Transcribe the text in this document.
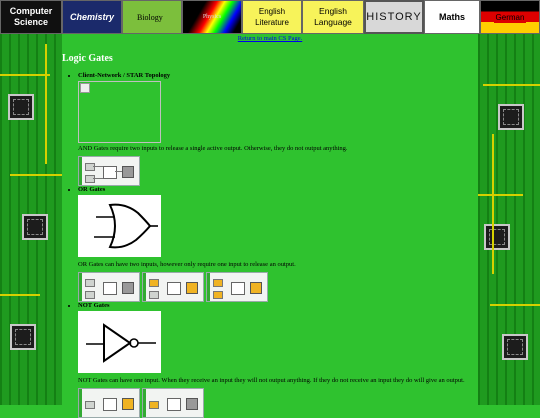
Computer Science
Chemistry	Biology	Physics
English Literature
English Language	HISTORY	Maths	German
Return to main CS Page.
Logic Gates
• Client-Network / STAR Topology
AND Gates require two inputs to release a single active output. Otherwise, they do not output anything.
• OR Gates
OR Gates can have two inputs, however only require one input to release an output.
• NOT Gates
NOT Gates can have one input. When they receive an input they will not output anything. If they do not receive an input they do will give an output.
